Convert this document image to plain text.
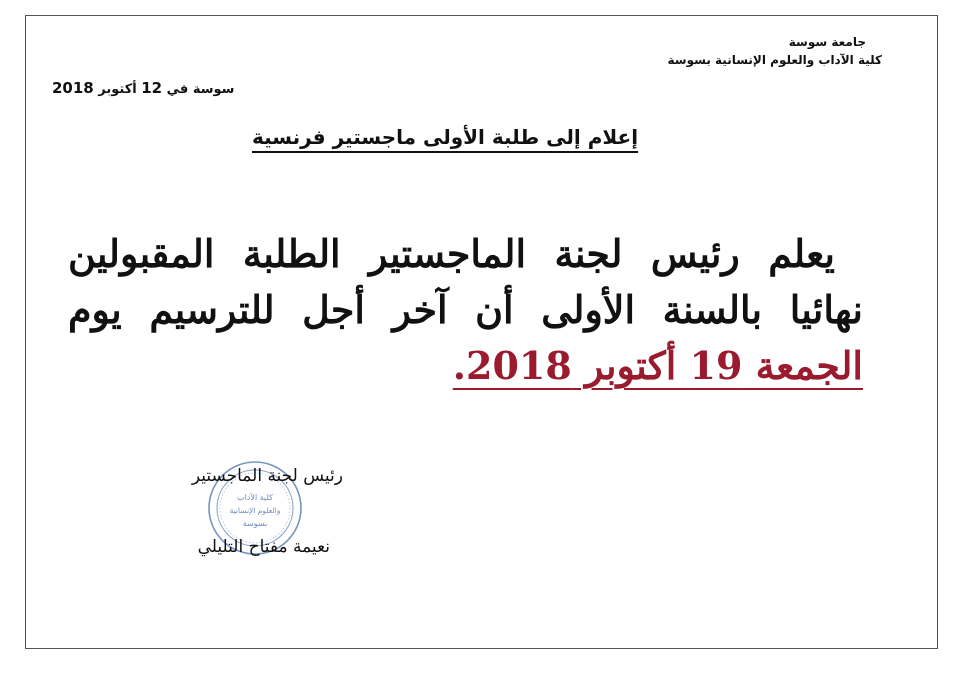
جامعة سوسة
كلية الآداب والعلوم الإنسانية بسوسة
سوسة في 12 أكتوبر 2018
إعلام إلى طلبة الأولى ماجستير فرنسية
يعلم رئيس لجنة الماجستير الطلبة المقبولين
نهائيا بالسنة الأولى أن آخر أجل للترسيم يوم
الجمعة 19 أكتوبر 2018.
كلية الآداب
والعلوم الإنسانية
بسوسة
رئيس لجنة الماجستير
نعيمة مفتاح التليلي
